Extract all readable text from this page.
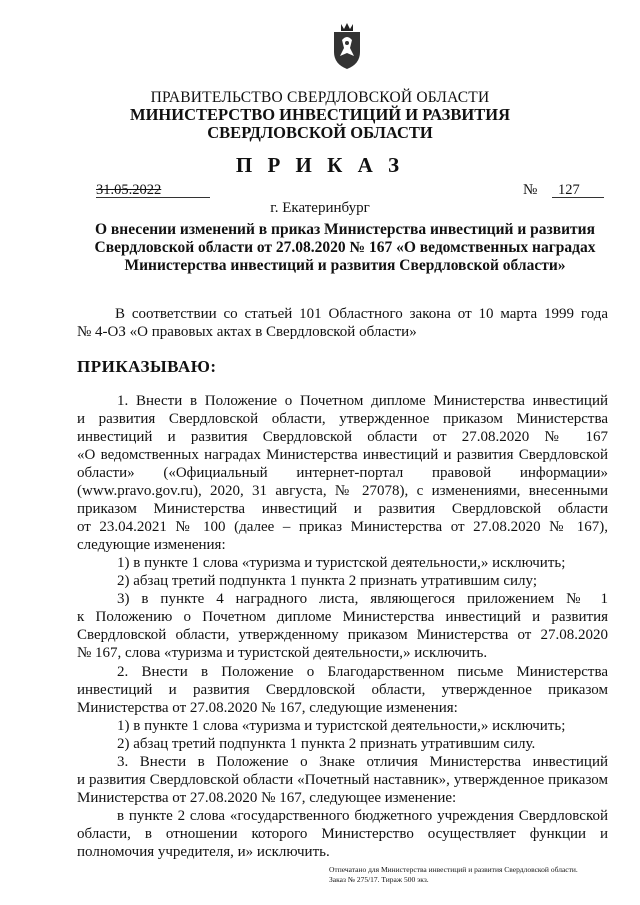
ПРАВИТЕЛЬСТВО СВЕРДЛОВСКОЙ ОБЛАСТИ
МИНИСТЕРСТВО ИНВЕСТИЦИЙ И РАЗВИТИЯ
СВЕРДЛОВСКОЙ ОБЛАСТИ
П Р И К А З
31.05.2022	№	127
г. Екатеринбург
О внесении изменений в приказ Министерства инвестиций и развития
Свердловской области от 27.08.2020 № 167 «О ведомственных наградах
Министерства инвестиций и развития Свердловской области»
В соответствии со статьей 101 Областного закона от 10 марта 1999 года
№ 4-ОЗ «О правовых актах в Свердловской области»
ПРИКАЗЫВАЮ:
1. Внести в Положение о Почетном дипломе Министерства инвестиций
и развития Свердловской области, утвержденное приказом Министерства
инвестиций и развития Свердловской области от 27.08.2020 № 167
«О ведомственных наградах Министерства инвестиций и развития Свердловской
области» («Официальный интернет-портал правовой информации»
(www.pravo.gov.ru), 2020, 31 августа, № 27078), с изменениями, внесенными
приказом Министерства инвестиций и развития Свердловской области
от 23.04.2021 № 100 (далее – приказ Министерства от 27.08.2020 № 167),
следующие изменения:
1) в пункте 1 слова «туризма и туристской деятельности,» исключить;
2) абзац третий подпункта 1 пункта 2 признать утратившим силу;
3) в пункте 4 наградного листа, являющегося приложением № 1
к Положению о Почетном дипломе Министерства инвестиций и развития
Свердловской области, утвержденному приказом Министерства от 27.08.2020
№ 167, слова «туризма и туристской деятельности,» исключить.
2. Внести в Положение о Благодарственном письме Министерства
инвестиций и развития Свердловской области, утвержденное приказом
Министерства от 27.08.2020 № 167, следующие изменения:
1) в пункте 1 слова «туризма и туристской деятельности,» исключить;
2) абзац третий подпункта 1 пункта 2 признать утратившим силу.
3. Внести в Положение о Знаке отличия Министерства инвестиций
и развития Свердловской области «Почетный наставник», утвержденное приказом
Министерства от 27.08.2020 № 167, следующее изменение:
в пункте 2 слова «государственного бюджетного учреждения Свердловской
области, в отношении которого Министерство осуществляет функции и
полномочия учредителя, и» исключить.
Отпечатано для Министерства инвестиций и развития Свердловской области.
Заказ № 275/17. Тираж 500 экз.
